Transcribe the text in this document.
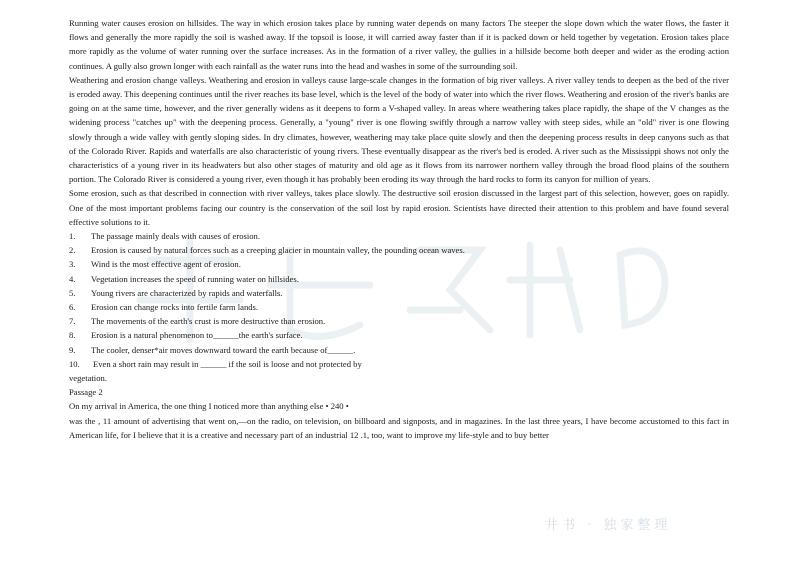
井书 · 独家整理

Running water causes erosion on hillsides. The way in which erosion takes place by running water depends on many factors The steeper the slope down which the water flows, the faster it flows and generally the more rapidly the soil is washed away. If the topsoil is loose, it will carried away faster than if it is packed down or held together by vegetation. Erosion takes place more rapidly as the volume of water running over the surface increases. As in the formation of a river valley, the gullies in a hillside become both deeper and wider as the eroding action continues. A gully also grown longer with each rainfall as the water runs into the head and washes in some of the surrounding soil.

Weathering and erosion change valleys. Weathering and erosion in valleys cause large-scale changes in the formation of big river valleys. A river valley tends to deepen as the bed of the river is eroded away. This deepening continues until the river reaches its base level, which is the level of the body of water into which the river flows. Weathering and erosion of the river's banks are going on at the same time, however, and the river generally widens as it deepens to form a V-shaped valley. In areas where weathering takes place rapidly, the shape of the V changes as the widening process "catches up" with the deepening process. Generally, a "young" river is one flowing swiftly through a narrow valley with steep sides, while an "old" river is one flowing slowly through a wide valley with gently sloping sides. In dry climates, however, weathering may take place quite slowly and then the deepening process results in deep canyons such as that of the Colorado River. Rapids and waterfalls are also characteristic of young rivers. These eventually disappear as the river's bed is eroded. A river such as the Mississippi shows not only the characteristics of a young river in its headwaters but also other stages of maturity and old age as it flows from its narrower northern valley through the broad flood plains of the southern portion. The Colorado River is considered a young river, even though it has probably been eroding its way through the hard rocks to form its canyon for million of years.

Some erosion, such as that described in connection with river valleys, takes place slowly. The destructive soil erosion discussed in the largest part of this selection, however, goes on rapidly. One of the most important problems facing our country is the conservation of the soil lost by rapid erosion. Scientists have directed their attention to this problem and have found several effective solutions to it.

1.	The passage mainly deals with causes of erosion.
2.	Erosion is caused by natural forces such as a creeping glacier in mountain valley, the pounding ocean waves.
3.	Wind is the most effective agent of erosion.
4.	Vegetation increases the speed of running water on hillsides.
5.	Young rivers are characterized by rapids and waterfalls.
6.	Erosion can change rocks into fertile farm lands.
7.	The movements of the earth's crust is more destructive than erosion.
8.	Erosion is a natural phenomenon to______the earth's surface.
9.	The cooler, denser*air moves downward toward the earth because of______.
10.	Even a short rain may result in ______ if the soil is loose and not protected by

vegetation.

Passage 2

On my arrival in America, the one thing I noticed more than anything else • 240 •

was the , 11 amount of advertising that went on,—on the radio, on television, on billboard and signposts, and in magazines. In the last three years, I have become accustomed to this fact in American life, for I believe that it is a creative and necessary part of an industrial 12 .1, too, want to improve my life-style and to buy better
